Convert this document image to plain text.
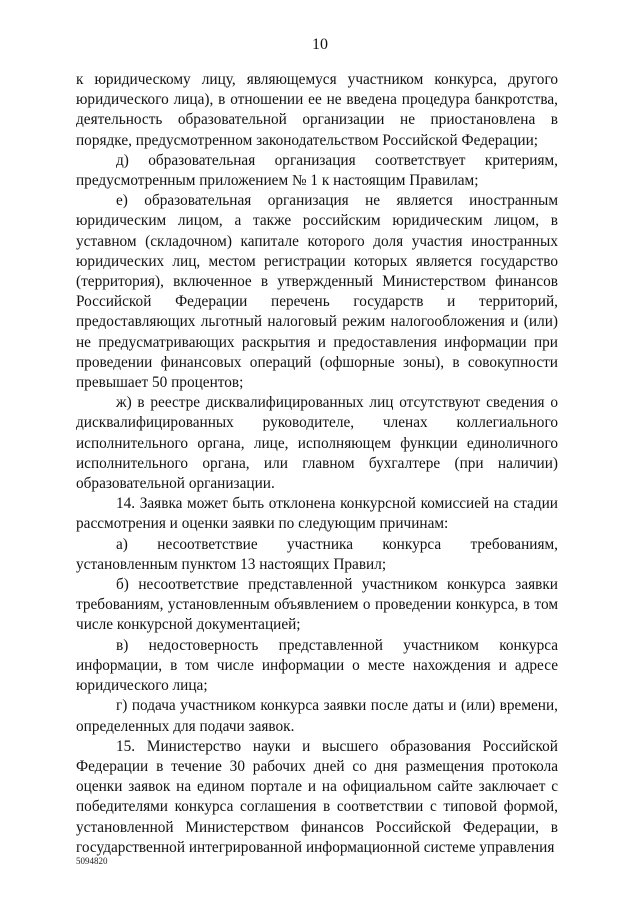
10

к юридическому лицу, являющемуся участником конкурса, другого юридического лица), в отношении ее не введена процедура банкротства, деятельность образовательной организации не приостановлена в порядке, предусмотренном законодательством Российской Федерации;

д) образовательная организация соответствует критериям, предусмотренным приложением № 1 к настоящим Правилам;

е) образовательная организация не является иностранным юридическим лицом, а также российским юридическим лицом, в уставном (складочном) капитале которого доля участия иностранных юридических лиц, местом регистрации которых является государство (территория), включенное в утвержденный Министерством финансов Российской Федерации перечень государств и территорий, предоставляющих льготный налоговый режим налогообложения и (или) не предусматривающих раскрытия и предоставления информации при проведении финансовых операций (офшорные зоны), в совокупности превышает 50 процентов;

ж) в реестре дисквалифицированных лиц отсутствуют сведения о дисквалифицированных руководителе, членах коллегиального исполнительного органа, лице, исполняющем функции единоличного исполнительного органа, или главном бухгалтере (при наличии) образовательной организации.

14. Заявка может быть отклонена конкурсной комиссией на стадии рассмотрения и оценки заявки по следующим причинам:

а) несоответствие участника конкурса требованиям, установленным пунктом 13 настоящих Правил;

б) несоответствие представленной участником конкурса заявки требованиям, установленным объявлением о проведении конкурса, в том числе конкурсной документацией;

в) недостоверность представленной участником конкурса информации, в том числе информации о месте нахождения и адресе юридического лица;

г) подача участником конкурса заявки после даты и (или) времени, определенных для подачи заявок.

15. Министерство науки и высшего образования Российской Федерации в течение 30 рабочих дней со дня размещения протокола оценки заявок на едином портале и на официальном сайте заключает с победителями конкурса соглашения в соответствии с типовой формой, установленной Министерством финансов Российской Федерации, в государственной интегрированной информационной системе управления

5094820
